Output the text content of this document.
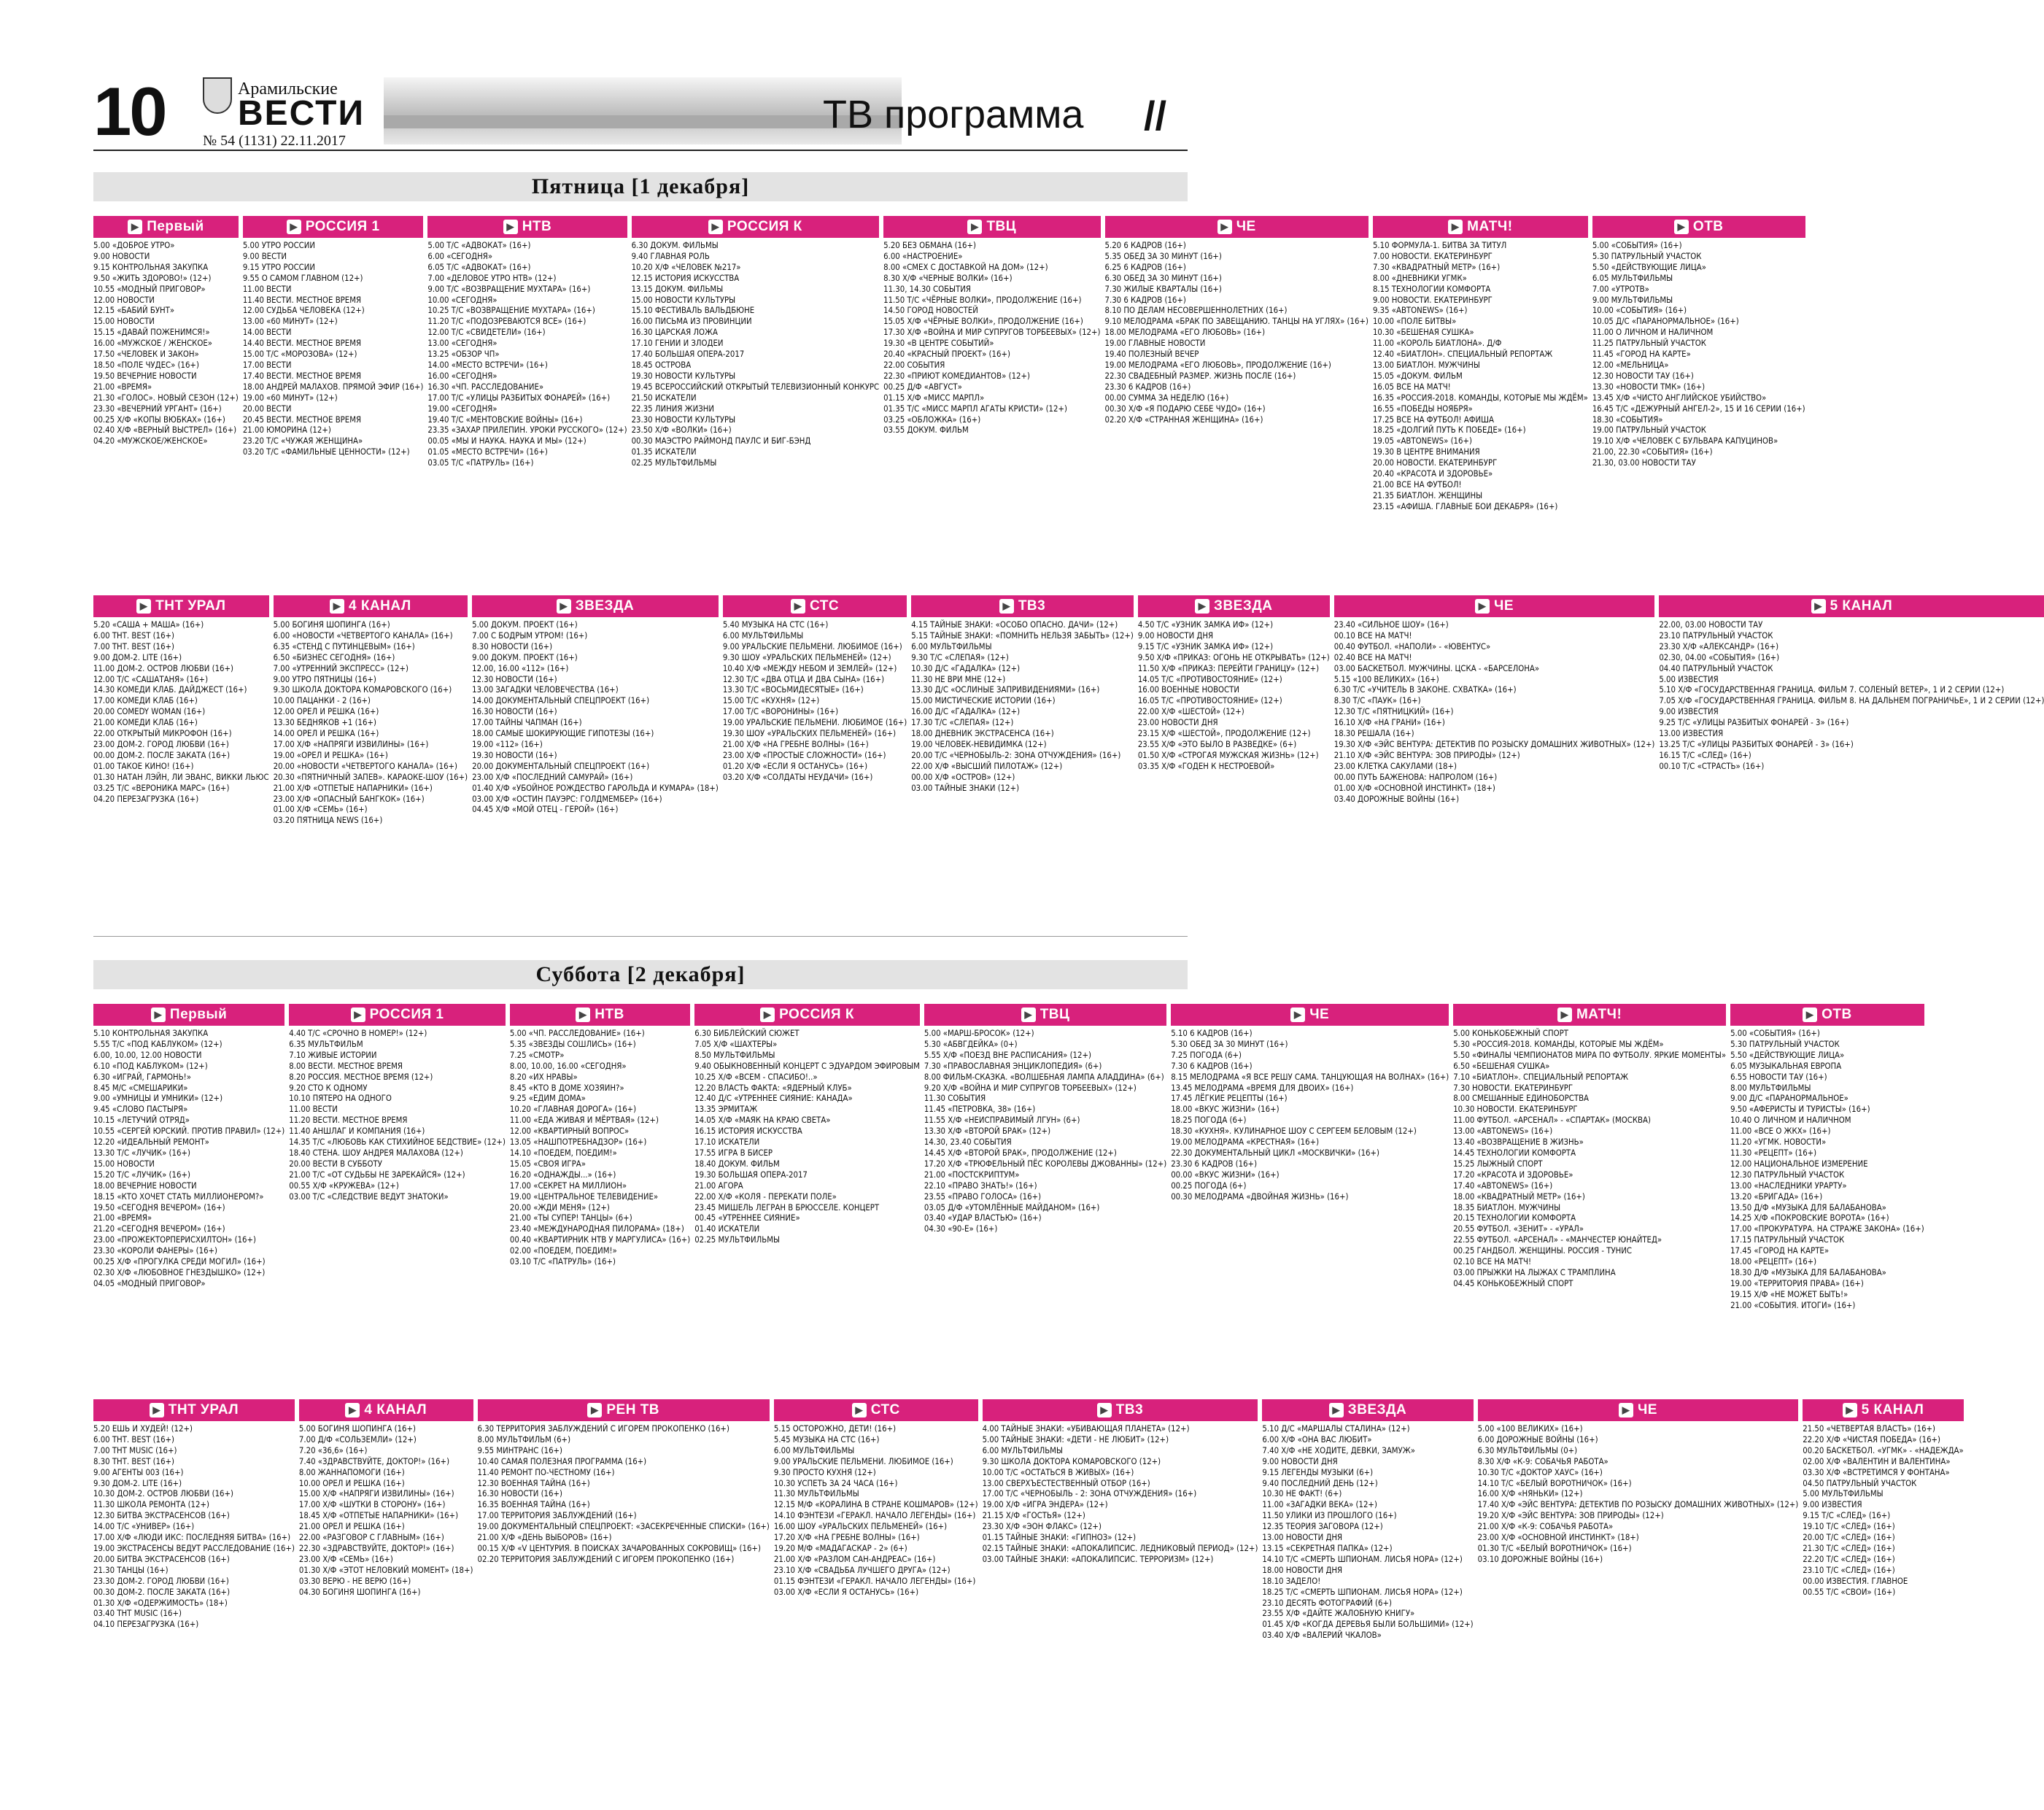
10	Арамильские
ВЕСТИ
№ 54 (1131) 22.11.2017
ТВ программа //
Пятница [1 декабря]
▶ Первый
5.00 «ДОБРОЕ УТРО»
9.00 НОВОСТИ
9.15 КОНТРОЛЬНАЯ ЗАКУПКА
9.50 «ЖИТЬ ЗДОРОВО!» (12+)
10.55 «МОДНЫЙ ПРИГОВОР»
12.00 НОВОСТИ
12.15 «БАБИЙ БУНТ»
15.00 НОВОСТИ
15.15 «ДАВАЙ ПОЖЕНИМСЯ!»
16.00 «МУЖСКОЕ / ЖЕНСКОЕ»
17.50 «ЧЕЛОВЕК И ЗАКОН»
18.50 «ПОЛЕ ЧУДЕС» (16+)
19.50 ВЕЧЕРНИЕ НОВОСТИ
21.00 «ВРЕМЯ»
21.30 «ГОЛОС». НОВЫЙ СЕЗОН (12+)
23.30 «ВЕЧЕРНИЙ УРГАНТ» (16+)
00.25 Х/Ф «КОПЫ ВЮБКАХ» (16+)
02.40 Х/Ф «ВЕРНЫЙ ВЫСТРЕЛ» (16+)
04.20 «МУЖСКОЕ/ЖЕНСКОЕ»
▶ РОССИЯ 1
5.00 УТРО РОССИИ
9.00 ВЕСТИ
9.15 УТРО РОССИИ
9.55 О САМОМ ГЛАВНОМ (12+)
11.00 ВЕСТИ
11.40 ВЕСТИ. МЕСТНОЕ ВРЕМЯ
12.00 СУДЬБА ЧЕЛОВЕКА (12+)
13.00 «60 МИНУТ» (12+)
14.00 ВЕСТИ
14.40 ВЕСТИ. МЕСТНОЕ ВРЕМЯ
15.00 Т/С «МОРОЗОВА» (12+)
17.00 ВЕСТИ
17.40 ВЕСТИ. МЕСТНОЕ ВРЕМЯ
18.00 АНДРЕЙ МАЛАХОВ. ПРЯМОЙ ЭФИР (16+)
19.00 «60 МИНУТ» (12+)
20.00 ВЕСТИ
20.45 ВЕСТИ. МЕСТНОЕ ВРЕМЯ
21.00 ЮМОРИНА (12+)
23.20 Т/С «ЧУЖАЯ ЖЕНЩИНА»
03.20 Т/С «ФАМИЛЬНЫЕ ЦЕННОСТИ» (12+)
▶ НТВ
5.00 Т/С «АДВОКАТ» (16+)
6.00 «СЕГОДНЯ»
6.05 Т/С «АДВОКАТ» (16+)
7.00 «ДЕЛОВОЕ УТРО НТВ» (12+)
9.00 Т/С «ВОЗВРАЩЕНИЕ МУХТАРА» (16+)
10.00 «СЕГОДНЯ»
10.25 Т/С «ВОЗВРАЩЕНИЕ МУХТАРА» (16+)
11.20 Т/С «ПОДОЗРЕВАЮТСЯ ВСЕ» (16+)
12.00 Т/С «СВИДЕТЕЛИ» (16+)
13.00 «СЕГОДНЯ»
13.25 «ОБЗОР ЧП»
14.00 «МЕСТО ВСТРЕЧИ» (16+)
16.00 «СЕГОДНЯ»
16.30 «ЧП. РАССЛЕДОВАНИЕ»
17.00 Т/С «УЛИЦЫ РАЗБИТЫХ ФОНАРЕЙ» (16+)
19.00 «СЕГОДНЯ»
19.40 Т/С «МЕНТОВСКИЕ ВОЙНЫ» (16+)
23.35 «ЗАХАР ПРИЛЕПИН. УРОКИ РУССКОГО» (12+)
00.05 «МЫ И НАУКА. НАУКА И МЫ» (12+)
01.05 «МЕСТО ВСТРЕЧИ» (16+)
03.05 Т/С «ПАТРУЛЬ» (16+)
▶ РОССИЯ К
6.30 ДОКУМ. ФИЛЬМЫ
9.40 ГЛАВНАЯ РОЛЬ
10.20 Х/Ф «ЧЕЛОВЕК №217»
12.15 ИСТОРИЯ ИСКУССТВА
13.15 ДОКУМ. ФИЛЬМЫ
15.00 НОВОСТИ КУЛЬТУРЫ
15.10 ФЕСТИВАЛЬ ВАЛЬДБЮНЕ
16.00 ПИСЬМА ИЗ ПРОВИНЦИИ
16.30 ЦАРСКАЯ ЛОЖА
17.10 ГЕНИИ И ЗЛОДЕИ
17.40 БОЛЬШАЯ ОПЕРА-2017
18.45 ОСТРОВА
19.30 НОВОСТИ КУЛЬТУРЫ
19.45 ВСЕРОССИЙСКИЙ ОТКРЫТЫЙ ТЕЛЕВИЗИОННЫЙ КОНКУРС
21.50 ИСКАТЕЛИ
22.35 ЛИНИЯ ЖИЗНИ
23.30 НОВОСТИ КУЛЬТУРЫ
23.50 Х/Ф «ВОЛКИ» (16+)
00.30 МАЭСТРО РАЙМОНД ПАУЛС И БИГ-БЭНД
01.35 ИСКАТЕЛИ
02.25 МУЛЬТФИЛЬМЫ
▶ ТВЦ
5.20 БЕЗ ОБМАНА (16+)
6.00 «НАСТРОЕНИЕ»
8.00 «СМЕХ С ДОСТАВКОЙ НА ДОМ» (12+)
8.30 Х/Ф «ЧЕРНЫЕ ВОЛКИ» (16+)
11.30, 14.30 СОБЫТИЯ
11.50 Т/С «ЧЁРНЫЕ ВОЛКИ», ПРОДОЛЖЕНИЕ (16+)
14.50 ГОРОД НОВОСТЕЙ
15.05 Х/Ф «ЧЁРНЫЕ ВОЛКИ», ПРОДОЛЖЕНИЕ (16+)
17.30 Х/Ф «ВОЙНА И МИР СУПРУГОВ ТОРБЕЕВЫХ» (12+)
19.30 «В ЦЕНТРЕ СОБЫТИЙ»
20.40 «КРАСНЫЙ ПРОЕКТ» (16+)
22.00 СОБЫТИЯ
22.30 «ПРИЮТ КОМЕДИАНТОВ» (12+)
00.25 Д/Ф «АВГУСТ»
01.15 Х/Ф «МИСС МАРПЛ»
01.35 Т/С «МИСС МАРПЛ АГАТЫ КРИСТИ» (12+)
03.25 «ОБЛОЖКА» (16+)
03.55 ДОКУМ. ФИЛЬМ
▶ ЧЕ
5.20 6 КАДРОВ (16+)
5.35 ОБЕД ЗА 30 МИНУТ (16+)
6.25 6 КАДРОВ (16+)
6.30 ОБЕД ЗА 30 МИНУТ (16+)
7.30 ЖИЛЫЕ КВАРТАЛЫ (16+)
7.30 6 КАДРОВ (16+)
8.10 ПО ДЕЛАМ НЕСОВЕРШЕННОЛЕТНИХ (16+)
9.10 МЕЛОДРАМА «БРАК ПО ЗАВЕЩАНИЮ. ТАНЦЫ НА УГЛЯХ» (16+)
18.00 МЕЛОДРАМА «ЕГО ЛЮБОВЬ» (16+)
19.00 ГЛАВНЫЕ НОВОСТИ
19.40 ПОЛЕЗНЫЙ ВЕЧЕР
19.00 МЕЛОДРАМА «ЕГО ЛЮБОВЬ», ПРОДОЛЖЕНИЕ (16+)
22.30 СВАДЕБНЫЙ РАЗМЕР. ЖИЗНЬ ПОСЛЕ (16+)
23.30 6 КАДРОВ (16+)
00.00 СУММА ЗА НЕДЕЛЮ (16+)
00.30 Х/Ф «Я ПОДАРЮ СЕБЕ ЧУДО» (16+)
02.20 Х/Ф «СТРАННАЯ ЖЕНЩИНА» (16+)
▶ МАТЧ!
5.10 ФОРМУЛА-1. БИТВА ЗА ТИТУЛ
7.00 НОВОСТИ. ЕКАТЕРИНБУРГ
7.30 «КВАДРАТНЫЙ МЕТР» (16+)
8.00 «ДНЕВНИКИ УГМК»
8.15 ТЕХНОЛОГИИ КОМФОРТА
9.00 НОВОСТИ. ЕКАТЕРИНБУРГ
9.35 «АВТОNEWS» (16+)
10.00 «ПОЛЕ БИТВЫ»
10.30 «БЕШЕНАЯ СУШКА»
11.00 «КОРОЛЬ БИАТЛОНА». Д/Ф
12.40 «БИАТЛОН». СПЕЦИАЛЬНЫЙ РЕПОРТАЖ
13.00 БИАТЛОН. МУЖЧИНЫ
15.05 «ДОКУМ. ФИЛЬМ
16.05 ВСЕ НА МАТЧ!
16.35 «РОССИЯ-2018. КОМАНДЫ, КОТОРЫЕ МЫ ЖДЁМ»
16.55 «ПОБЕДЫ НОЯБРЯ»
17.25 ВСЕ НА ФУТБОЛ! АФИША
18.25 «ДОЛГИЙ ПУТЬ К ПОБЕДЕ» (16+)
19.05 «АВТОNEWS» (16+)
19.30 В ЦЕНТРЕ ВНИМАНИЯ
20.00 НОВОСТИ. ЕКАТЕРИНБУРГ
20.40 «КРАСОТА И ЗДОРОВЬЕ»
21.00 ВСЕ НА ФУТБОЛ!
21.35 БИАТЛОН. ЖЕНЩИНЫ
23.15 «АФИША. ГЛАВНЫЕ БОИ ДЕКАБРЯ» (16+)
▶ ОТВ
5.00 «СОБЫТИЯ» (16+)
5.30 ПАТРУЛЬНЫЙ УЧАСТОК
5.50 «ДЕЙСТВУЮЩИЕ ЛИЦА»
6.05 МУЛЬТФИЛЬМЫ
7.00 «УТРОТВ»
9.00 МУЛЬТФИЛЬМЫ
10.00 «СОБЫТИЯ» (16+)
10.05 Д/С «ПАРАНОРМАЛЬНОЕ» (16+)
11.00 О ЛИЧНОМ И НАЛИЧНОМ
11.25 ПАТРУЛЬНЫЙ УЧАСТОК
11.45 «ГОРОД НА КАРТЕ»
12.00 «МЕЛЬНИЦА»
12.30 НОВОСТИ ТАУ (16+)
13.30 «НОВОСТИ ТМК» (16+)
13.45 Х/Ф «ЧИСТО АНГЛИЙСКОЕ УБИЙСТВО»
16.45 Т/С «ДЕЖУРНЫЙ АНГЕЛ-2», 15 И 16 СЕРИИ (16+)
18.30 «СОБЫТИЯ»
19.00 ПАТРУЛЬНЫЙ УЧАСТОК
19.10 Х/Ф «ЧЕЛОВЕК С БУЛЬВАРА КАПУЦИНОВ»
21.00, 22.30 «СОБЫТИЯ» (16+)
21.30, 03.00 НОВОСТИ ТАУ
▶ ТНТ УРАЛ
5.20 «САША + МАША» (16+)
6.00 ТНТ. BEST (16+)
7.00 ТНТ. BEST (16+)
9.00 ДОМ-2. LITE (16+)
11.00 ДОМ-2. ОСТРОВ ЛЮБВИ (16+)
12.00 Т/С «САШАТАНЯ» (16+)
14.30 КОМЕДИ КЛАБ. ДАЙДЖЕСТ (16+)
17.00 КОМЕДИ КЛАБ (16+)
20.00 COMEDY WOMAN (16+)
21.00 КОМЕДИ КЛАБ (16+)
22.00 ОТКРЫТЫЙ МИКРОФОН (16+)
23.00 ДОМ-2. ГОРОД ЛЮБВИ (16+)
00.00 ДОМ-2. ПОСЛЕ ЗАКАТА (16+)
01.00 ТАКОЕ КИНО! (16+)
01.30 НАТАН ЛЭЙН, ЛИ ЭВАНС, ВИККИ ЛЬЮС
03.25 Т/С «ВЕРОНИКА МАРС» (16+)
04.20 ПЕРЕЗАГРУЗКА (16+)
▶ 4 КАНАЛ
5.00 БОГИНЯ ШОПИНГА (16+)
6.00 «НОВОСТИ «ЧЕТВЕРТОГО КАНАЛА» (16+)
6.35 «СТЕНД С ПУТИНЦЕВЫМ» (16+)
6.50 «БИЗНЕС СЕГОДНЯ» (16+)
7.00 «УТРЕННИЙ ЭКСПРЕСС» (12+)
9.00 УТРО ПЯТНИЦЫ (16+)
9.30 ШКОЛА ДОКТОРА КОМАРОВСКОГО (16+)
10.00 ПАЦАНКИ - 2 (16+)
12.00 ОРЕЛ И РЕШКА (16+)
13.30 БЕДНЯКОВ +1 (16+)
14.00 ОРЕЛ И РЕШКА (16+)
17.00 Х/Ф «НАПРЯГИ ИЗВИЛИНЫ» (16+)
19.00 «ОРЕЛ И РЕШКА» (16+)
20.00 «НОВОСТИ «ЧЕТВЕРТОГО КАНАЛА» (16+)
20.30 «ПЯТНИЧНЫЙ ЗАПЕВ». КАРАОКЕ-ШОУ (16+)
21.00 Х/Ф «ОТПЕТЫЕ НАПАРНИКИ» (16+)
23.00 Х/Ф «ОПАСНЫЙ БАНГКОК» (16+)
01.00 Х/Ф «СЕМЬ» (16+)
03.20 ПЯТНИЦА NEWS (16+)
▶ ЗВЕЗДА
5.00 ДОКУМ. ПРОЕКТ (16+)
7.00 С БОДРЫМ УТРОМ! (16+)
8.30 НОВОСТИ (16+)
9.00 ДОКУМ. ПРОЕКТ (16+)
12.00, 16.00 «112» (16+)
12.30 НОВОСТИ (16+)
13.00 ЗАГАДКИ ЧЕЛОВЕЧЕСТВА (16+)
14.00 ДОКУМЕНТАЛЬНЫЙ СПЕЦПРОЕКТ (16+)
16.30 НОВОСТИ (16+)
17.00 ТАЙНЫ ЧАПМАН (16+)
18.00 САМЫЕ ШОКИРУЮЩИЕ ГИПОТЕЗЫ (16+)
19.00 «112» (16+)
19.30 НОВОСТИ (16+)
20.00 ДОКУМЕНТАЛЬНЫЙ СПЕЦПРОЕКТ (16+)
23.00 Х/Ф «ПОСЛЕДНИЙ САМУРАЙ» (16+)
01.40 Х/Ф «УБОЙНОЕ РОЖДЕСТВО ГАРОЛЬДА И КУМАРА» (18+)
03.00 Х/Ф «ОСТИН ПАУЭРС: ГОЛДМЕМБЕР» (16+)
04.45 Х/Ф «МОЙ ОТЕЦ - ГЕРОЙ» (16+)
▶ СТС
5.40 МУЗЫКА НА СТС (16+)
6.00 МУЛЬТФИЛЬМЫ
9.00 УРАЛЬСКИЕ ПЕЛЬМЕНИ. ЛЮБИМОЕ (16+)
9.30 ШОУ «УРАЛЬСКИХ ПЕЛЬМЕНЕЙ» (12+)
10.40 Х/Ф «МЕЖДУ НЕБОМ И ЗЕМЛЕЙ» (12+)
12.30 Т/С «ДВА ОТЦА И ДВА СЫНА» (16+)
13.30 Т/С «ВОСЬМИДЕСЯТЫЕ» (16+)
15.00 Т/С «КУХНЯ» (12+)
17.00 Т/С «ВОРОНИНЫ» (16+)
19.00 УРАЛЬСКИЕ ПЕЛЬМЕНИ. ЛЮБИМОЕ (16+)
19.30 ШОУ «УРАЛЬСКИХ ПЕЛЬМЕНЕЙ» (16+)
21.00 Х/Ф «НА ГРЕБНЕ ВОЛНЫ» (16+)
23.00 Х/Ф «ПРОСТЫЕ СЛОЖНОСТИ» (16+)
01.20 Х/Ф «ЕСЛИ Я ОСТАНУСЬ» (16+)
03.20 Х/Ф «СОЛДАТЫ НЕУДАЧИ» (16+)
▶ ТВ3
4.15 ТАЙНЫЕ ЗНАКИ: «ОСОБО ОПАСНО. ДАЧИ» (12+)
5.15 ТАЙНЫЕ ЗНАКИ: «ПОМНИТЬ НЕЛЬЗЯ ЗАБЫТЬ» (12+)
6.00 МУЛЬТФИЛЬМЫ
9.30 Т/С «СЛЕПАЯ» (12+)
10.30 Д/С «ГАДАЛКА» (12+)
11.30 НЕ ВРИ МНЕ (12+)
13.30 Д/С «ОСЛИНЫЕ ЗАПРИВИДЕНИЯМИ» (16+)
15.00 МИСТИЧЕСКИЕ ИСТОРИИ (16+)
16.00 Д/С «ГАДАЛКА» (12+)
17.30 Т/С «СЛЕПАЯ» (12+)
18.00 ДНЕВНИК ЭКСТРАСЕНСА (16+)
19.00 ЧЕЛОВЕК-НЕВИДИМКА (12+)
20.00 Т/С «ЧЕРНОБЫЛЬ-2: ЗОНА ОТЧУЖДЕНИЯ» (16+)
22.00 Х/Ф «ВЫСШИЙ ПИЛОТАЖ» (12+)
00.00 Х/Ф «ОСТРОВ» (12+)
03.00 ТАЙНЫЕ ЗНАКИ (12+)
▶ ЗВЕЗДА
4.50 Т/С «УЗНИК ЗАМКА ИФ» (12+)
9.00 НОВОСТИ ДНЯ
9.15 Т/С «УЗНИК ЗАМКА ИФ» (12+)
9.50 Х/Ф «ПРИКАЗ: ОГОНЬ НЕ ОТКРЫВАТЬ» (12+)
11.50 Х/Ф «ПРИКАЗ: ПЕРЕЙТИ ГРАНИЦУ» (12+)
14.05 Т/С «ПРОТИВОСТОЯНИЕ» (12+)
16.00 ВОЕННЫЕ НОВОСТИ
16.05 Т/С «ПРОТИВОСТОЯНИЕ» (12+)
22.00 Х/Ф «ШЕСТОЙ» (12+)
23.00 НОВОСТИ ДНЯ
23.15 Х/Ф «ШЕСТОЙ», ПРОДОЛЖЕНИЕ (12+)
23.55 Х/Ф «ЭТО БЫЛО В РАЗВЕДКЕ» (6+)
01.50 Х/Ф «СТРОГАЯ МУЖСКАЯ ЖИЗНЬ» (12+)
03.35 Х/Ф «ГОДЕН К НЕСТРОЕВОЙ»
▶ ЧЕ
23.40 «СИЛЬНОЕ ШОУ» (16+)
00.10 ВСЕ НА МАТЧ!
00.40 ФУТБОЛ. «НАПОЛИ» - «ЮВЕНТУС»
02.40 ВСЕ НА МАТЧ!
03.00 БАСКЕТБОЛ. МУЖЧИНЫ. ЦСКА - «БАРСЕЛОНА»
5.15 «100 ВЕЛИКИХ» (16+)
6.30 Т/С «УЧИТЕЛЬ В ЗАКОНЕ. СХВАТКА» (16+)
8.30 Т/С «ПАУК» (16+)
12.30 Т/С «ПЯТНИЦКИЙ» (16+)
16.10 Х/Ф «НА ГРАНИ» (16+)
18.30 РЕШАЛА (16+)
19.30 Х/Ф «ЭЙС ВЕНТУРА: ДЕТЕКТИВ ПО РОЗЫСКУ ДОМАШНИХ ЖИВОТНЫХ» (12+)
21.10 Х/Ф «ЭЙС ВЕНТУРА: ЗОВ ПРИРОДЫ» (12+)
23.00 КЛЕТКА САКУЛАМИ (18+)
00.00 ПУТЬ БАЖЕНОВА: НАПРОЛОМ (16+)
01.00 Х/Ф «ОСНОВНОЙ ИНСТИНКТ» (18+)
03.40 ДОРОЖНЫЕ ВОЙНЫ (16+)
▶ 5 КАНАЛ
22.00, 03.00 НОВОСТИ ТАУ
23.10 ПАТРУЛЬНЫЙ УЧАСТОК
23.30 Х/Ф «АЛЕКСАНДР» (16+)
02.30, 04.00 «СОБЫТИЯ» (16+)
04.40 ПАТРУЛЬНЫЙ УЧАСТОК
5.00 ИЗВЕСТИЯ
5.10 Х/Ф «ГОСУДАРСТВЕННАЯ ГРАНИЦА. ФИЛЬМ 7. СОЛЕНЫЙ ВЕТЕР», 1 И 2 СЕРИИ (12+)
7.05 Х/Ф «ГОСУДАРСТВЕННАЯ ГРАНИЦА. ФИЛЬМ 8. НА ДАЛЬНЕМ ПОГРАНИЧЬЕ», 1 И 2 СЕРИИ (12+)
9.00 ИЗВЕСТИЯ
9.25 Т/С «УЛИЦЫ РАЗБИТЫХ ФОНАРЕЙ - 3» (16+)
13.00 ИЗВЕСТИЯ
13.25 Т/С «УЛИЦЫ РАЗБИТЫХ ФОНАРЕЙ - 3» (16+)
16.15 Т/С «СЛЕД» (16+)
00.10 Т/С «СТРАСТЬ» (16+)
Суббота [2 декабря]
▶ Первый
5.10 КОНТРОЛЬНАЯ ЗАКУПКА
5.55 Т/С «ПОД КАБЛУКОМ» (12+)
6.00, 10.00, 12.00 НОВОСТИ
6.10 «ПОД КАБЛУКОМ» (12+)
6.30 «ИГРАЙ, ГАРМОНЬ!»
8.45 М/С «СМЕШАРИКИ»
9.00 «УМНИЦЫ И УМНИКИ» (12+)
9.45 «СЛОВО ПАСТЫРЯ»
10.15 «ЛЕТУЧИЙ ОТРЯД»
10.55 «СЕРГЕЙ ЮРСКИЙ. ПРОТИВ ПРАВИЛ» (12+)
12.20 «ИДЕАЛЬНЫЙ РЕМОНТ»
13.30 Т/С «ЛУЧИК» (16+)
15.00 НОВОСТИ
15.20 Т/С «ЛУЧИК» (16+)
18.00 ВЕЧЕРНИЕ НОВОСТИ
18.15 «КТО ХОЧЕТ СТАТЬ МИЛЛИОНЕРОМ?»
19.50 «СЕГОДНЯ ВЕЧЕРОМ» (16+)
21.00 «ВРЕМЯ»
21.20 «СЕГОДНЯ ВЕЧЕРОМ» (16+)
23.00 «ПРОЖЕКТОРПЕРИСХИЛТОН» (16+)
23.30 «КОРОЛИ ФАНЕРЫ» (16+)
00.25 Х/Ф «ПРОГУЛКА СРЕДИ МОГИЛ» (16+)
02.30 Х/Ф «ЛЮБОВНОЕ ГНЕЗДЫШКО» (12+)
04.05 «МОДНЫЙ ПРИГОВОР»
▶ РОССИЯ 1
4.40 Т/С «СРОЧНО В НОМЕР!» (12+)
6.35 МУЛЬТФИЛЬМ
7.10 ЖИВЫЕ ИСТОРИИ
8.00 ВЕСТИ. МЕСТНОЕ ВРЕМЯ
8.20 РОССИЯ. МЕСТНОЕ ВРЕМЯ (12+)
9.20 СТО К ОДНОМУ
10.10 ПЯТЕРО НА ОДНОГО
11.00 ВЕСТИ
11.20 ВЕСТИ. МЕСТНОЕ ВРЕМЯ
11.40 АНШЛАГ И КОМПАНИЯ (16+)
14.35 Т/С «ЛЮБОВЬ КАК СТИХИЙНОЕ БЕДСТВИЕ» (12+)
18.40 СТЕНА. ШОУ АНДРЕЯ МАЛАХОВА (12+)
20.00 ВЕСТИ В СУББОТУ
21.00 Т/С «ОТ СУДЬБЫ НЕ ЗАРЕКАЙСЯ» (12+)
00.55 Х/Ф «КРУЖЕВА» (12+)
03.00 Т/С «СЛЕДСТВИЕ ВЕДУТ ЗНАТОКИ»
▶ НТВ
5.00 «ЧП. РАССЛЕДОВАНИЕ» (16+)
5.35 «ЗВЕЗДЫ СОШЛИСЬ» (16+)
7.25 «СМОТР»
8.00, 10.00, 16.00 «СЕГОДНЯ»
8.20 «ИХ НРАВЫ»
8.45 «КТО В ДОМЕ ХОЗЯИН?»
9.25 «ЕДИМ ДОМА»
10.20 «ГЛАВНАЯ ДОРОГА» (16+)
11.00 «ЕДА ЖИВАЯ И МЁРТВАЯ» (12+)
12.00 «КВАРТИРНЫЙ ВОПРОС»
13.05 «НАШПОТРЕБНАДЗОР» (16+)
14.10 «ПОЕДЕМ, ПОЕДИМ!»
15.05 «СВОЯ ИГРА»
16.20 «ОДНАЖДЫ...» (16+)
17.00 «СЕКРЕТ НА МИЛЛИОН»
19.00 «ЦЕНТРАЛЬНОЕ ТЕЛЕВИДЕНИЕ»
20.00 «ЖДИ МЕНЯ» (12+)
21.00 «ТЫ СУПЕР! ТАНЦЫ» (6+)
23.40 «МЕЖДУНАРОДНАЯ ПИЛОРАМА» (18+)
00.40 «КВАРТИРНИК НТВ У МАРГУЛИСА» (16+)
02.00 «ПОЕДЕМ, ПОЕДИМ!»
03.10 Т/С «ПАТРУЛЬ» (16+)
▶ РОССИЯ К
6.30 БИБЛЕЙСКИЙ СЮЖЕТ
7.05 Х/Ф «ШАХТЕРЫ»
8.50 МУЛЬТФИЛЬМЫ
9.40 ОБЫКНОВЕННЫЙ КОНЦЕРТ С ЭДУАРДОМ ЭФИРОВЫМ
10.25 Х/Ф «ВСЕМ - СПАСИБО!..»
12.20 ВЛАСТЬ ФАКТА: «ЯДЕРНЫЙ КЛУБ»
12.40 Д/С «УТРЕННЕЕ СИЯНИЕ: КАНАДА»
13.35 ЭРМИТАЖ
14.05 Х/Ф «МАЯК НА КРАЮ СВЕТА»
16.15 ИСТОРИЯ ИСКУССТВА
17.10 ИСКАТЕЛИ
17.55 ИГРА В БИСЕР
18.40 ДОКУМ. ФИЛЬМ
19.30 БОЛЬШАЯ ОПЕРА-2017
21.00 АГОРА
22.00 Х/Ф «КОЛЯ - ПЕРЕКАТИ ПОЛЕ»
23.45 МИШЕЛЬ ЛЕГРАН В БРЮССЕЛЕ. КОНЦЕРТ
00.45 «УТРЕННЕЕ СИЯНИЕ»
01.40 ИСКАТЕЛИ
02.25 МУЛЬТФИЛЬМЫ
▶ ТВЦ
5.00 «МАРШ-БРОСОК» (12+)
5.30 «АБВГДЕЙКА» (0+)
5.55 Х/Ф «ПОЕЗД ВНЕ РАСПИСАНИЯ» (12+)
7.30 «ПРАВОСЛАВНАЯ ЭНЦИКЛОПЕДИЯ» (6+)
8.00 ФИЛЬМ-СКАЗКА. «ВОЛШЕБНАЯ ЛАМПА АЛАДДИНА» (6+)
9.20 Х/Ф «ВОЙНА И МИР СУПРУГОВ ТОРБЕЕВЫХ» (12+)
11.30 СОБЫТИЯ
11.45 «ПЕТРОВКА, 38» (16+)
11.55 Х/Ф «НЕИСПРАВИМЫЙ ЛГУН» (6+)
13.30 Х/Ф «ВТОРОЙ БРАК» (12+)
14.30, 23.40 СОБЫТИЯ
14.45 Х/Ф «ВТОРОЙ БРАК», ПРОДОЛЖЕНИЕ (12+)
17.20 Х/Ф «ТРЮФЕЛЬНЫЙ ПЁС КОРОЛЕВЫ ДЖОВАННЫ» (12+)
21.00 «ПОСТСКРИПТУМ»
22.10 «ПРАВО ЗНАТЬ!» (16+)
23.55 «ПРАВО ГОЛОСА» (16+)
03.05 Д/Ф «УТОМЛЁННЫЕ МАЙДАНОМ» (16+)
03.40 «УДАР ВЛАСТЬЮ» (16+)
04.30 «90-Е» (16+)
▶ ЧЕ
5.10 6 КАДРОВ (16+)
5.30 ОБЕД ЗА 30 МИНУТ (16+)
7.25 ПОГОДА (6+)
7.30 6 КАДРОВ (16+)
8.15 МЕЛОДРАМА «Я ВСЕ РЕШУ САМА. ТАНЦУЮЩАЯ НА ВОЛНАХ» (16+)
13.45 МЕЛОДРАМА «ВРЕМЯ ДЛЯ ДВОИХ» (16+)
17.45 ЛЁГКИЕ РЕЦЕПТЫ (16+)
18.00 «ВКУС ЖИЗНИ» (16+)
18.25 ПОГОДА (6+)
18.30 «КУХНЯ». КУЛИНАРНОЕ ШОУ С СЕРГЕЕМ БЕЛОВЫМ (12+)
19.00 МЕЛОДРАМА «КРЕСТНАЯ» (16+)
22.30 ДОКУМЕНТАЛЬНЫЙ ЦИКЛ «МОСКВИЧКИ» (16+)
23.30 6 КАДРОВ (16+)
00.00 «ВКУС ЖИЗНИ» (16+)
00.25 ПОГОДА (6+)
00.30 МЕЛОДРАМА «ДВОЙНАЯ ЖИЗНЬ» (16+)
▶ МАТЧ!
5.00 КОНЬКОБЕЖНЫЙ СПОРТ
5.30 «РОССИЯ-2018. КОМАНДЫ, КОТОРЫЕ МЫ ЖДЁМ»
5.50 «ФИНАЛЫ ЧЕМПИОНАТОВ МИРА ПО ФУТБОЛУ. ЯРКИЕ МОМЕНТЫ»
6.50 «БЕШЕНАЯ СУШКА»
7.10 «БИАТЛОН». СПЕЦИАЛЬНЫЙ РЕПОРТАЖ
7.30 НОВОСТИ. ЕКАТЕРИНБУРГ
8.00 СМЕШАННЫЕ ЕДИНОБОРСТВА
10.30 НОВОСТИ. ЕКАТЕРИНБУРГ
11.00 ФУТБОЛ. «АРСЕНАЛ» - «СПАРТАК» (МОСКВА)
13.00 «АВТОNEWS» (16+)
13.40 «ВОЗВРАЩЕНИЕ В ЖИЗНЬ»
14.45 ТЕХНОЛОГИИ КОМФОРТА
15.25 ЛЫЖНЫЙ СПОРТ
17.20 «КРАСОТА И ЗДОРОВЬЕ»
17.40 «АВТОNEWS» (16+)
18.00 «КВАДРАТНЫЙ МЕТР» (16+)
18.35 БИАТЛОН. МУЖЧИНЫ
20.15 ТЕХНОЛОГИИ КОМФОРТА
20.55 ФУТБОЛ. «ЗЕНИТ» - «УРАЛ»
22.55 ФУТБОЛ. «АРСЕНАЛ» - «МАНЧЕСТЕР ЮНАЙТЕД»
00.25 ГАНДБОЛ. ЖЕНЩИНЫ. РОССИЯ - ТУНИС
02.10 ВСЕ НА МАТЧ!
03.00 ПРЫЖКИ НА ЛЫЖАХ С ТРАМПЛИНА
04.45 КОНЬКОБЕЖНЫЙ СПОРТ
▶ ОТВ
5.00 «СОБЫТИЯ» (16+)
5.30 ПАТРУЛЬНЫЙ УЧАСТОК
5.50 «ДЕЙСТВУЮЩИЕ ЛИЦА»
6.05 МУЗЫКАЛЬНАЯ ЕВРОПА
6.55 НОВОСТИ ТАУ (16+)
8.00 МУЛЬТФИЛЬМЫ
9.00 Д/С «ПАРАНОРМАЛЬНОЕ»
9.50 «АФЕРИСТЫ И ТУРИСТЫ» (16+)
10.40 О ЛИЧНОМ И НАЛИЧНОМ
11.00 «ВСЕ О ЖКХ» (16+)
11.20 «УГМК. НОВОСТИ»
11.30 «РЕЦЕПТ» (16+)
12.00 НАЦИОНАЛЬНОЕ ИЗМЕРЕНИЕ
12.30 ПАТРУЛЬНЫЙ УЧАСТОК
13.00 «НАСЛЕДНИКИ УРАРТУ»
13.20 «БРИГАДА» (16+)
13.50 Д/Ф «МУЗЫКА ДЛЯ БАЛАБАНОВА»
14.25 Х/Ф «ПОКРОВСКИЕ ВОРОТА» (16+)
17.00 «ПРОКУРАТУРА. НА СТРАЖЕ ЗАКОНА» (16+)
17.15 ПАТРУЛЬНЫЙ УЧАСТОК
17.45 «ГОРОД НА КАРТЕ»
18.00 «РЕЦЕПТ» (16+)
18.30 Д/Ф «МУЗЫКА ДЛЯ БАЛАБАНОВА»
19.00 «ТЕРРИТОРИЯ ПРАВА» (16+)
19.15 Х/Ф «НЕ МОЖЕТ БЫТЬ!»
21.00 «СОБЫТИЯ. ИТОГИ» (16+)
▶ ТНТ УРАЛ
5.20 ЕШЬ И ХУДЕЙ! (12+)
6.00 ТНТ. BEST (16+)
7.00 ТНТ MUSIC (16+)
8.30 ТНТ. BEST (16+)
9.00 АГЕНТЫ 003 (16+)
9.30 ДОМ-2. LITE (16+)
10.30 ДОМ-2. ОСТРОВ ЛЮБВИ (16+)
11.30 ШКОЛА РЕМОНТА (12+)
12.30 БИТВА ЭКСТРАСЕНСОВ (16+)
14.00 Т/С «УНИВЕР» (16+)
17.00 Х/Ф «ЛЮДИ ИКС: ПОСЛЕДНЯЯ БИТВА» (16+)
19.00 ЭКСТРАСЕНСЫ ВЕДУТ РАССЛЕДОВАНИЕ (16+)
20.00 БИТВА ЭКСТРАСЕНСОВ (16+)
21.30 ТАНЦЫ (16+)
23.30 ДОМ-2. ГОРОД ЛЮБВИ (16+)
00.30 ДОМ-2. ПОСЛЕ ЗАКАТА (16+)
01.30 Х/Ф «ОДЕРЖИМОСТЬ» (18+)
03.40 ТНТ MUSIC (16+)
04.10 ПЕРЕЗАГРУЗКА (16+)
▶ 4 КАНАЛ
5.00 БОГИНЯ ШОПИНГА (16+)
7.00 Д/Ф «СОЛЬЗЕМЛИ» (12+)
7.20 «36,6» (16+)
7.40 «ЗДРАВСТВУЙТЕ, ДОКТОР!» (16+)
8.00 ЖАННАПОМОГИ (16+)
10.00 ОРЕЛ И РЕШКА (16+)
15.00 Х/Ф «НАПРЯГИ ИЗВИЛИНЫ» (16+)
17.00 Х/Ф «ШУТКИ В СТОРОНУ» (16+)
18.45 Х/Ф «ОТПЕТЫЕ НАПАРНИКИ» (16+)
21.00 ОРЕЛ И РЕШКА (16+)
22.00 «РАЗГОВОР С ГЛАВНЫМ» (16+)
22.30 «ЗДРАВСТВУЙТЕ, ДОКТОР!» (16+)
23.00 Х/Ф «СЕМЬ» (16+)
01.30 Х/Ф «ЭТОТ НЕЛОВКИЙ МОМЕНТ» (18+)
03.30 ВЕРЮ - НЕ ВЕРЮ (16+)
04.30 БОГИНЯ ШОПИНГА (16+)
▶ РЕН ТВ
6.30 ТЕРРИТОРИЯ ЗАБЛУЖДЕНИЙ С ИГОРЕМ ПРОКОПЕНКО (16+)
8.00 МУЛЬТФИЛЬМ (6+)
9.55 МИНТРАНС (16+)
10.40 САМАЯ ПОЛЕЗНАЯ ПРОГРАММА (16+)
11.40 РЕМОНТ ПО-ЧЕСТНОМУ (16+)
12.30 ВОЕННАЯ ТАЙНА (16+)
16.30 НОВОСТИ (16+)
16.35 ВОЕННАЯ ТАЙНА (16+)
17.00 ТЕРРИТОРИЯ ЗАБЛУЖДЕНИЙ (16+)
19.00 ДОКУМЕНТАЛЬНЫЙ СПЕЦПРОЕКТ: «ЗАСЕКРЕЧЕННЫЕ СПИСКИ» (16+)
21.00 Х/Ф «ДЕНЬ ВЫБОРОВ» (16+)
00.15 Х/Ф «V ЦЕНТУРИЯ. В ПОИСКАХ ЗАЧАРОВАННЫХ СОКРОВИЩ» (16+)
02.20 ТЕРРИТОРИЯ ЗАБЛУЖДЕНИЙ С ИГОРЕМ ПРОКОПЕНКО (16+)
▶ СТС
5.15 ОСТОРОЖНО, ДЕТИ! (16+)
5.45 МУЗЫКА НА СТС (16+)
6.00 МУЛЬТФИЛЬМЫ
9.00 УРАЛЬСКИЕ ПЕЛЬМЕНИ. ЛЮБИМОЕ (16+)
9.30 ПРОСТО КУХНЯ (12+)
10.30 УСПЕТЬ ЗА 24 ЧАСА (16+)
11.30 МУЛЬТФИЛЬМЫ
12.15 М/Ф «КОРАЛИНА В СТРАНЕ КОШМАРОВ» (12+)
14.10 ФЭНТЕЗИ «ГЕРАКЛ. НАЧАЛО ЛЕГЕНДЫ» (16+)
16.00 ШОУ «УРАЛЬСКИХ ПЕЛЬМЕНЕЙ» (16+)
17.20 Х/Ф «НА ГРЕБНЕ ВОЛНЫ» (16+)
19.20 М/Ф «МАДАГАСКАР - 2» (6+)
21.00 Х/Ф «РАЗЛОМ САН-АНДРЕАС» (16+)
23.10 Х/Ф «СВАДЬБА ЛУЧШЕГО ДРУГА» (12+)
01.15 ФЭНТЕЗИ «ГЕРАКЛ. НАЧАЛО ЛЕГЕНДЫ» (16+)
03.00 Х/Ф «ЕСЛИ Я ОСТАНУСЬ» (16+)
▶ ТВ3
4.00 ТАЙНЫЕ ЗНАКИ: «УБИВАЮЩАЯ ПЛАНЕТА» (12+)
5.00 ТАЙНЫЕ ЗНАКИ: «ДЕТИ - НЕ ЛЮБИТ» (12+)
6.00 МУЛЬТФИЛЬМЫ
9.30 ШКОЛА ДОКТОРА КОМАРОВСКОГО (12+)
10.00 Т/С «ОСТАТЬСЯ В ЖИВЫХ» (16+)
13.00 СВЕРХЪЕСТЕСТВЕННЫЙ ОТБОР (16+)
17.00 Т/С «ЧЕРНОБЫЛЬ - 2: ЗОНА ОТЧУЖДЕНИЯ» (16+)
19.00 Х/Ф «ИГРА ЭНДЕРА» (12+)
21.15 Х/Ф «ГОСТЬЯ» (12+)
23.30 Х/Ф «ЭОН ФЛАКС» (12+)
01.15 ТАЙНЫЕ ЗНАКИ: «ГИПНОЗ» (12+)
02.15 ТАЙНЫЕ ЗНАКИ: «АПОКАЛИПСИС. ЛЕДНИКОВЫЙ ПЕРИОД» (12+)
03.00 ТАЙНЫЕ ЗНАКИ: «АПОКАЛИПСИС. ТЕРРОРИЗМ» (12+)
▶ ЗВЕЗДА
5.10 Д/С «МАРШАЛЫ СТАЛИНА» (12+)
6.00 Х/Ф «ОНА ВАС ЛЮБИТ»
7.40 Х/Ф «НЕ ХОДИТЕ, ДЕВКИ, ЗАМУЖ»
9.00 НОВОСТИ ДНЯ
9.15 ЛЕГЕНДЫ МУЗЫКИ (6+)
9.40 ПОСЛЕДНИЙ ДЕНЬ (12+)
10.30 НЕ ФАКТ! (6+)
11.00 «ЗАГАДКИ ВЕКА» (12+)
11.50 УЛИКИ ИЗ ПРОШЛОГО (16+)
12.35 ТЕОРИЯ ЗАГОВОРА (12+)
13.00 НОВОСТИ ДНЯ
13.15 «СЕКРЕТНАЯ ПАПКА» (12+)
14.10 Т/С «СМЕРТЬ ШПИОНАМ. ЛИСЬЯ НОРА» (12+)
18.00 НОВОСТИ ДНЯ
18.10 ЗАДЕЛО!
18.25 Т/С «СМЕРТЬ ШПИОНАМ. ЛИСЬЯ НОРА» (12+)
23.10 ДЕСЯТЬ ФОТОГРАФИЙ (6+)
23.55 Х/Ф «ДАЙТЕ ЖАЛОБНУЮ КНИГУ»
01.45 Х/Ф «КОГДА ДЕРЕВЬЯ БЫЛИ БОЛЬШИМИ» (12+)
03.40 Х/Ф «ВАЛЕРИЙ ЧКАЛОВ»
▶ ЧЕ
5.00 «100 ВЕЛИКИХ» (16+)
6.00 ДОРОЖНЫЕ ВОЙНЫ (16+)
6.30 МУЛЬТФИЛЬМЫ (0+)
8.30 Х/Ф «К-9: СОБАЧЬЯ РАБОТА»
10.30 Т/С «ДОКТОР ХАУС» (16+)
14.10 Т/С «БЕЛЫЙ ВОРОТНИЧОК» (16+)
16.00 Х/Ф «НЯНЬКИ» (12+)
17.40 Х/Ф «ЭЙС ВЕНТУРА: ДЕТЕКТИВ ПО РОЗЫСКУ ДОМАШНИХ ЖИВОТНЫХ» (12+)
19.20 Х/Ф «ЭЙС ВЕНТУРА: ЗОВ ПРИРОДЫ» (12+)
21.00 Х/Ф «К-9: СОБАЧЬЯ РАБОТА»
23.00 Х/Ф «ОСНОВНОЙ ИНСТИНКТ» (18+)
01.30 Т/С «БЕЛЫЙ ВОРОТНИЧОК» (16+)
03.10 ДОРОЖНЫЕ ВОЙНЫ (16+)
▶ 5 КАНАЛ
21.50 «ЧЕТВЕРТАЯ ВЛАСТЬ» (16+)
22.20 Х/Ф «ЧИСТАЯ ПОБЕДА» (16+)
00.20 БАСКЕТБОЛ. «УГМК» - «НАДЕЖДА»
02.00 Х/Ф «ВАЛЕНТИН И ВАЛЕНТИНА»
03.30 Х/Ф «ВСТРЕТИМСЯ У ФОНТАНА»
04.50 ПАТРУЛЬНЫЙ УЧАСТОК
5.00 МУЛЬТФИЛЬМЫ
9.00 ИЗВЕСТИЯ
9.15 Т/С «СЛЕД» (16+)
19.10 Т/С «СЛЕД» (16+)
20.00 Т/С «СЛЕД» (16+)
21.30 Т/С «СЛЕД» (16+)
22.20 Т/С «СЛЕД» (16+)
23.10 Т/С «СЛЕД» (16+)
00.00 ИЗВЕСТИЯ. ГЛАВНОЕ
00.55 Т/С «СВОИ» (16+)
